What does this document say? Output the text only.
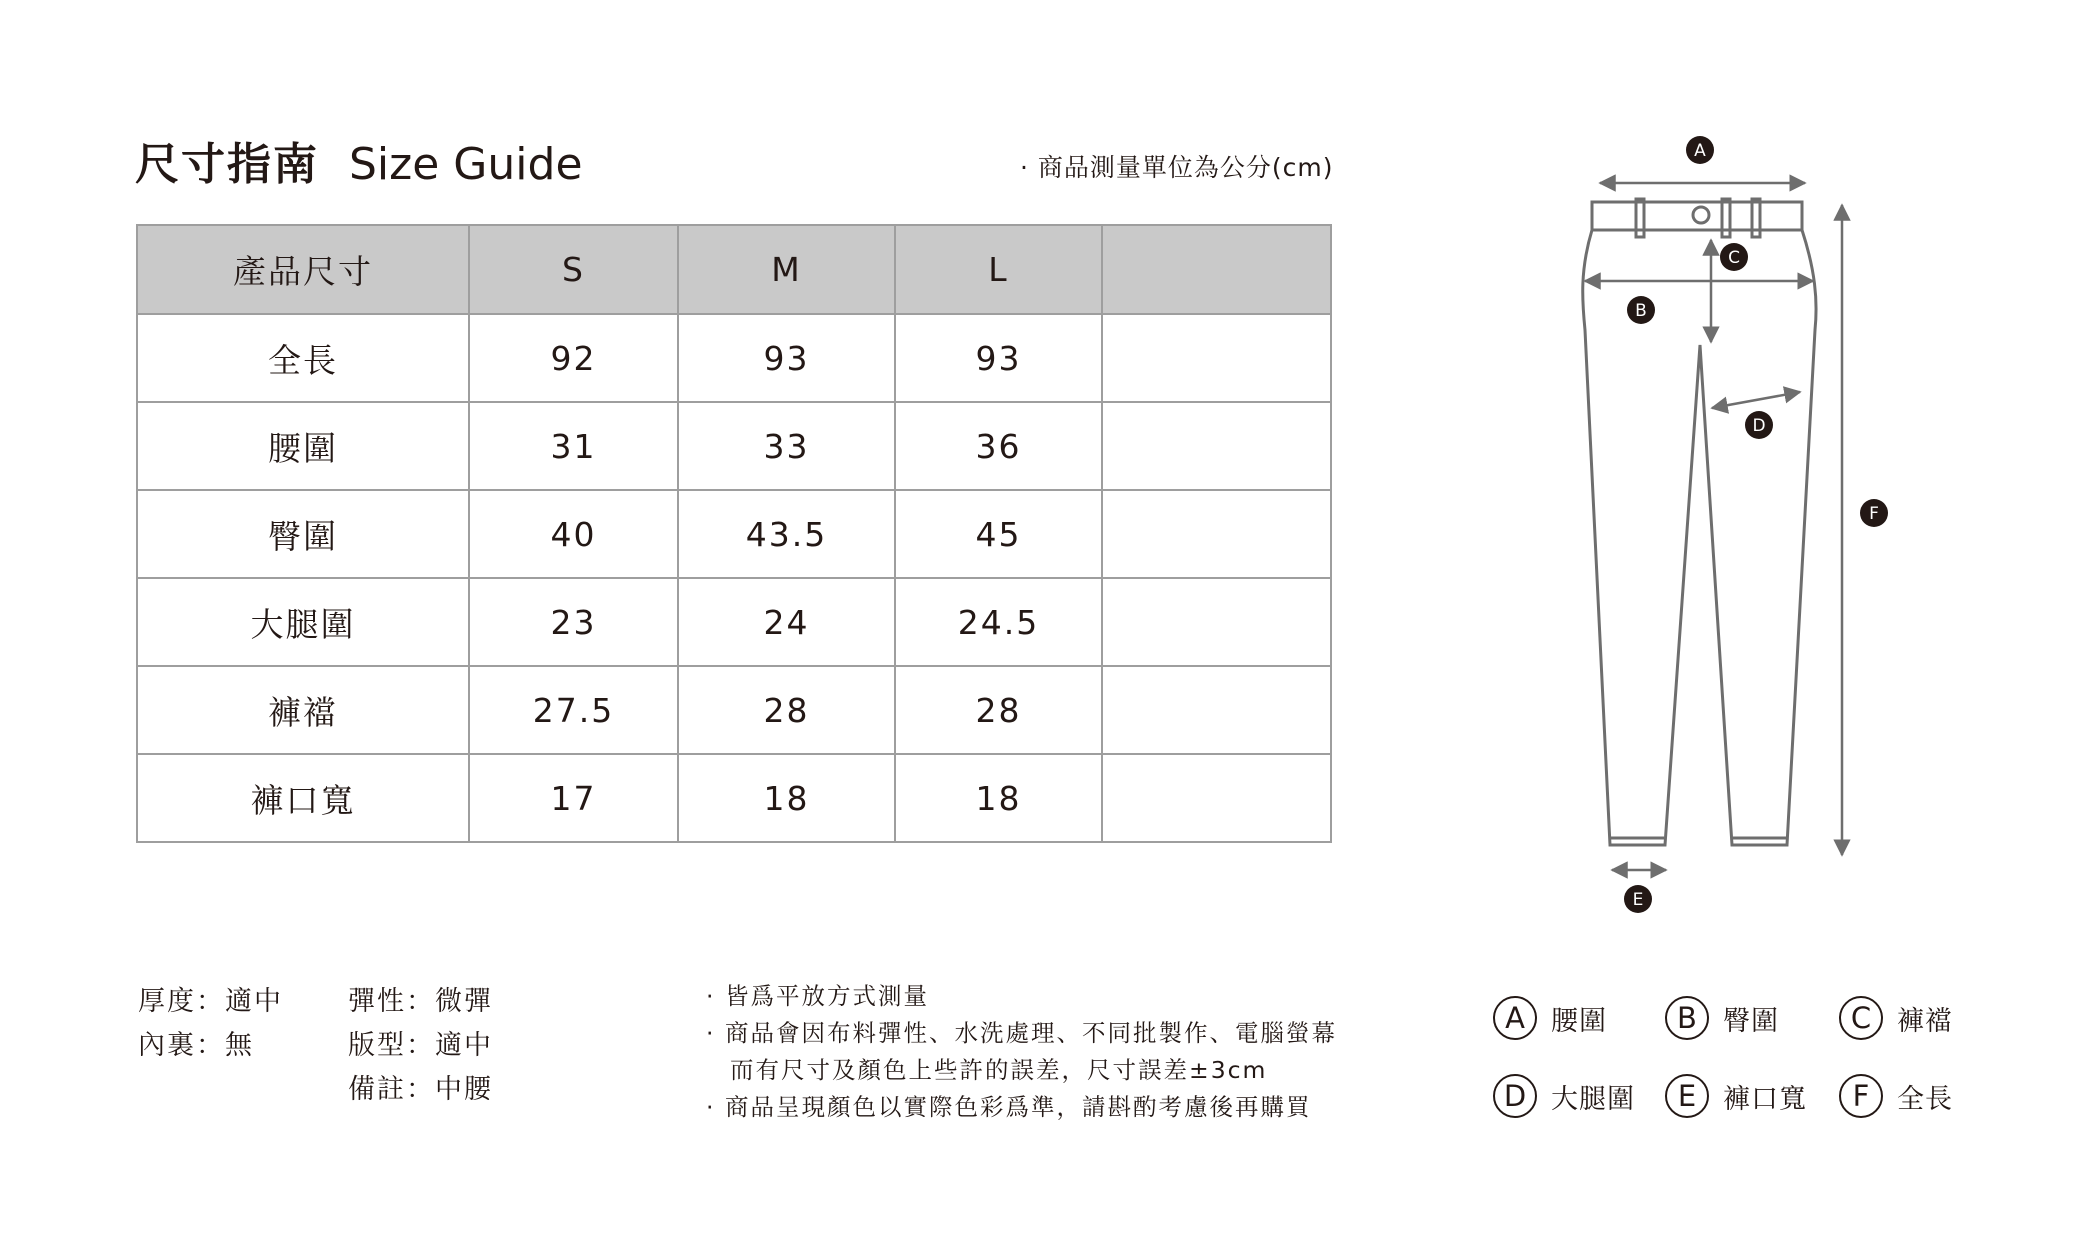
尺寸指南 Size Guide	· 商品測量單位為公分(cm)
產品尺寸	S	M	L	
全長	92	93	93	
腰圍	31	33	36	
臀圍	40	43.5	45	
大腿圍	23	24	24.5	
褲襠	27.5	28	28	
褲口寬	17	18	18	
厚度：適中
內裏：無
彈性：微彈
版型：適中
備註：中腰
· 皆爲平放方式測量
· 商品會因布料彈性、水洗處理、不同批製作、電腦螢幕
而有尺寸及顏色上些許的誤差，尺寸誤差±3cm
· 商品呈現顏色以實際色彩爲準，請斟酌考慮後再購買
A
B
C
D
E
F
A 腰圍	B 臀圍	C 褲襠
D 大腿圍	E 褲口寬	F	全長
